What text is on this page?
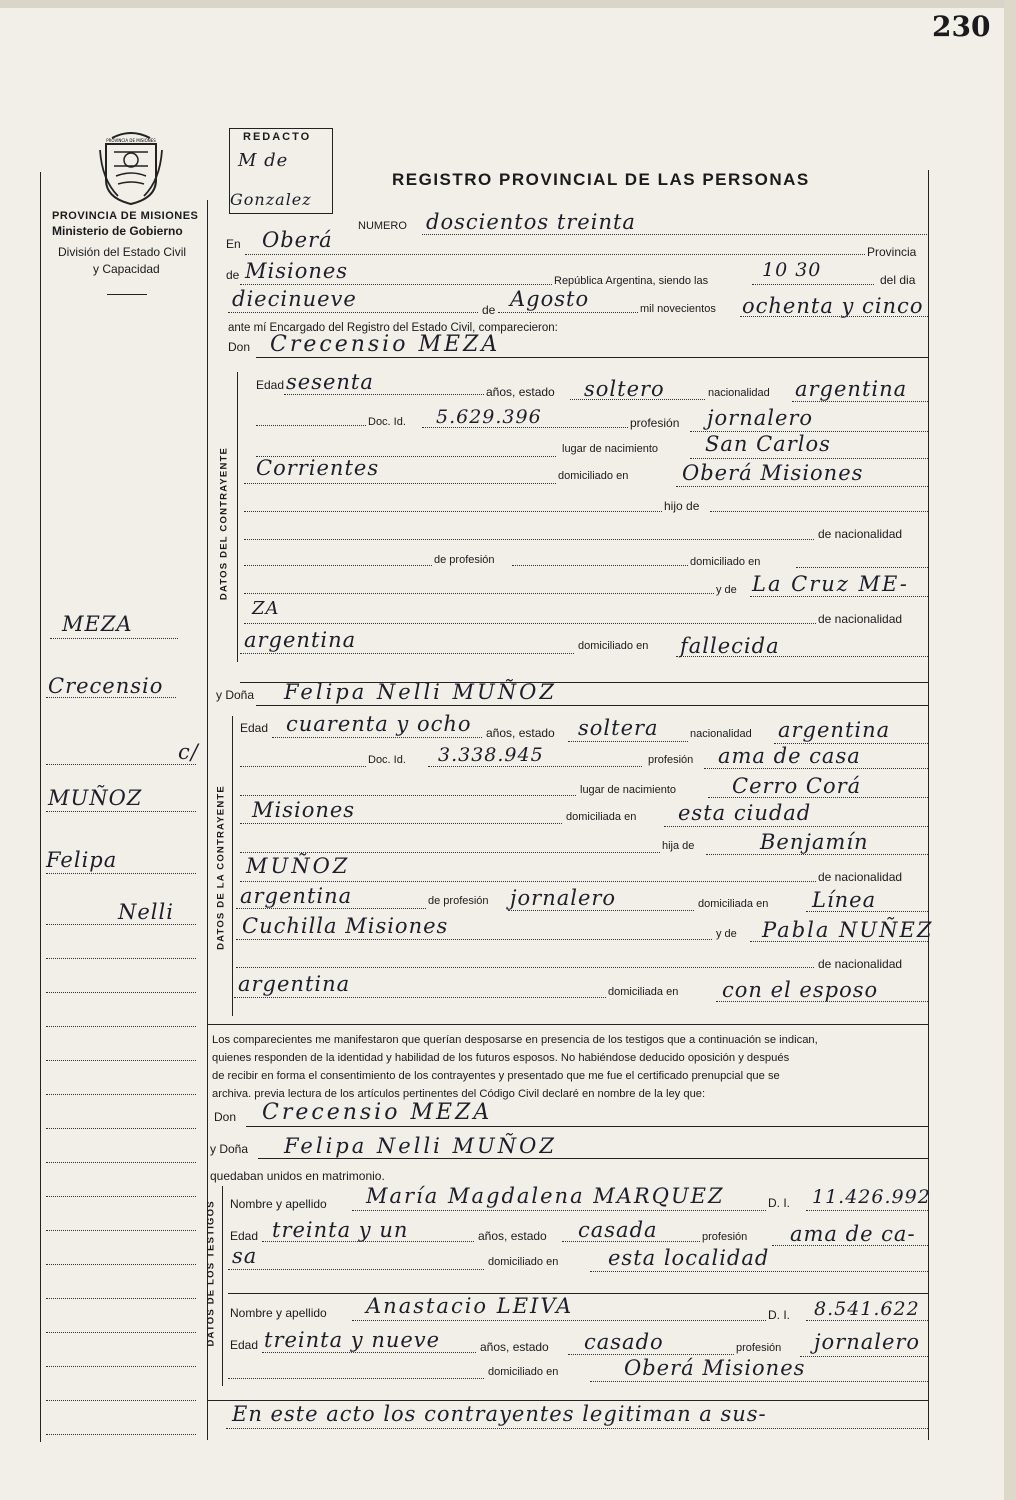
230
PROVINCIA DE MISIONES
PROVINCIA DE MISIONES
Ministerio de Gobierno
División del Estado Civil
y Capacidad
REDACTO
M de
Gonzalez
REGISTRO PROVINCIAL DE LAS PERSONAS
NUMERO doscientos treinta
En Oberá	Provincia
de Misiones	República Argentina, siendo las	10 30	del dia
diecinueve	de Agosto	mil novecientos ochenta y cinco
ante mí Encargado del Registro del Estado Civil, comparecieron:
Don Crecensio MEZA
MEZA
Crecensio
c/
MUÑOZ
Felipa
Nelli
DATOS DEL CONTRAYENTE
Edad sesenta	años, estado soltero	nacionalidad argentina
Doc. Id. 5.629.396	profesión jornalero
lugar de nacimiento San Carlos
Corrientes	domiciliado en	Oberá Misiones
hijo de
de nacionalidad
de profesión	domiciliado en
y de La Cruz ME-
ZA	de nacionalidad
argentina	domiciliado en fallecida
y Doña Felipa Nelli MUÑOZ
DATOS DE LA CONTRAYENTE
Edad cuarenta y ocho años, estado soltera	nacionalidad argentina
Doc. Id. 3.338.945	profesión ama de casa
lugar de nacimiento	Cerro Corá
Misiones	domiciliada en esta ciudad
hija de	Benjamín
MUÑOZ	de nacionalidad
argentina	de profesión jornalero	domiciliada en Línea
Cuchilla Misiones	y de Pabla NUÑEZ
de nacionalidad
argentina	domiciliada en con el esposo
Los comparecientes me manifestaron que querían desposarse en presencia de los testigos que a continuación se indican,
quienes responden de la identidad y habilidad de los futuros esposos. No habiéndose deducido oposición y después
de recibir en forma el consentimiento de los contrayentes y presentado que me fue el certificado prenupcial que se
archiva. previa lectura de los artículos pertinentes del Código Civil declaré en nombre de la ley que:
Don Crecensio MEZA
y Doña Felipa Nelli MUÑOZ
quedaban unidos en matrimonio.
DATOS DE LOS TESTIGOS Nombre y apellido María Magdalena MARQUEZ	D. I. 11.426.992
Edad treinta y un	años, estado casada	profesión ama de ca-
sa	domiciliado en esta localidad
Nombre y apellido Anastacio LEIVA	D. I. 8.541.622
Edad treinta y nueve	años, estado casado	profesión jornalero
domiciliado en	Oberá Misiones
En este acto los contrayentes legitiman a sus-
